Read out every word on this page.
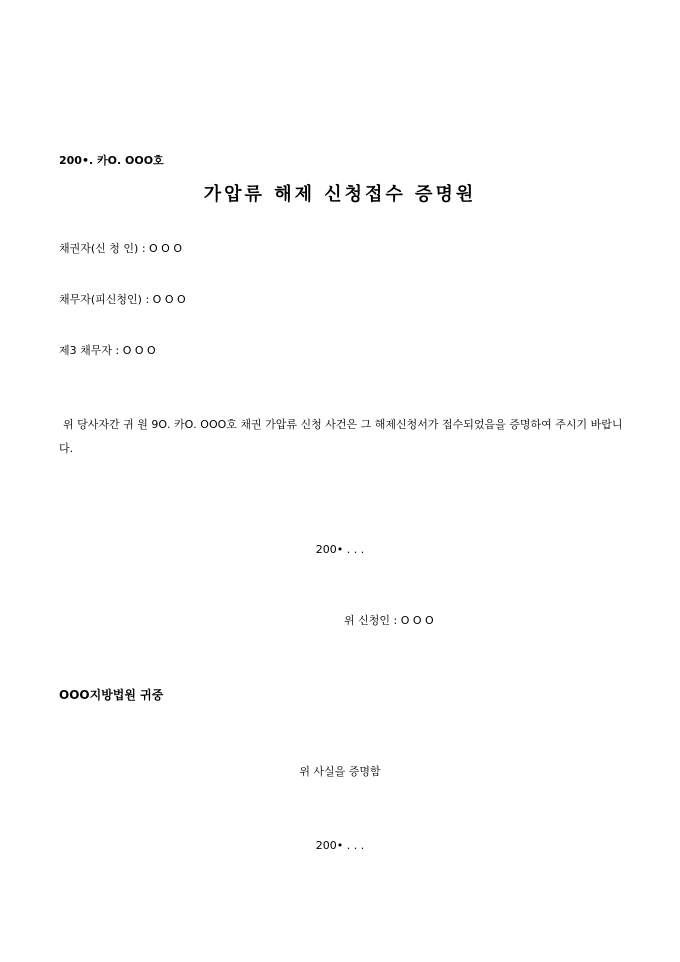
200•. 카Ο. ΟΟΟ호
가압류 해제 신청접수 증명원
채권자(신 청 인) : Ο Ο Ο
채무자(피신청인) : Ο Ο Ο
제3 채무자 : Ο Ο Ο
위 당사자간 귀 원 9Ο. 카Ο. ΟΟΟ호 채권 가압류 신청 사건은 그 해제신청서가 접수되었음을 증명하여 주시기 바랍니다.
200• . . .
위 신청인 : Ο Ο Ο
ΟΟΟ지방법원 귀중
위 사실을 증명함
200• . . .
